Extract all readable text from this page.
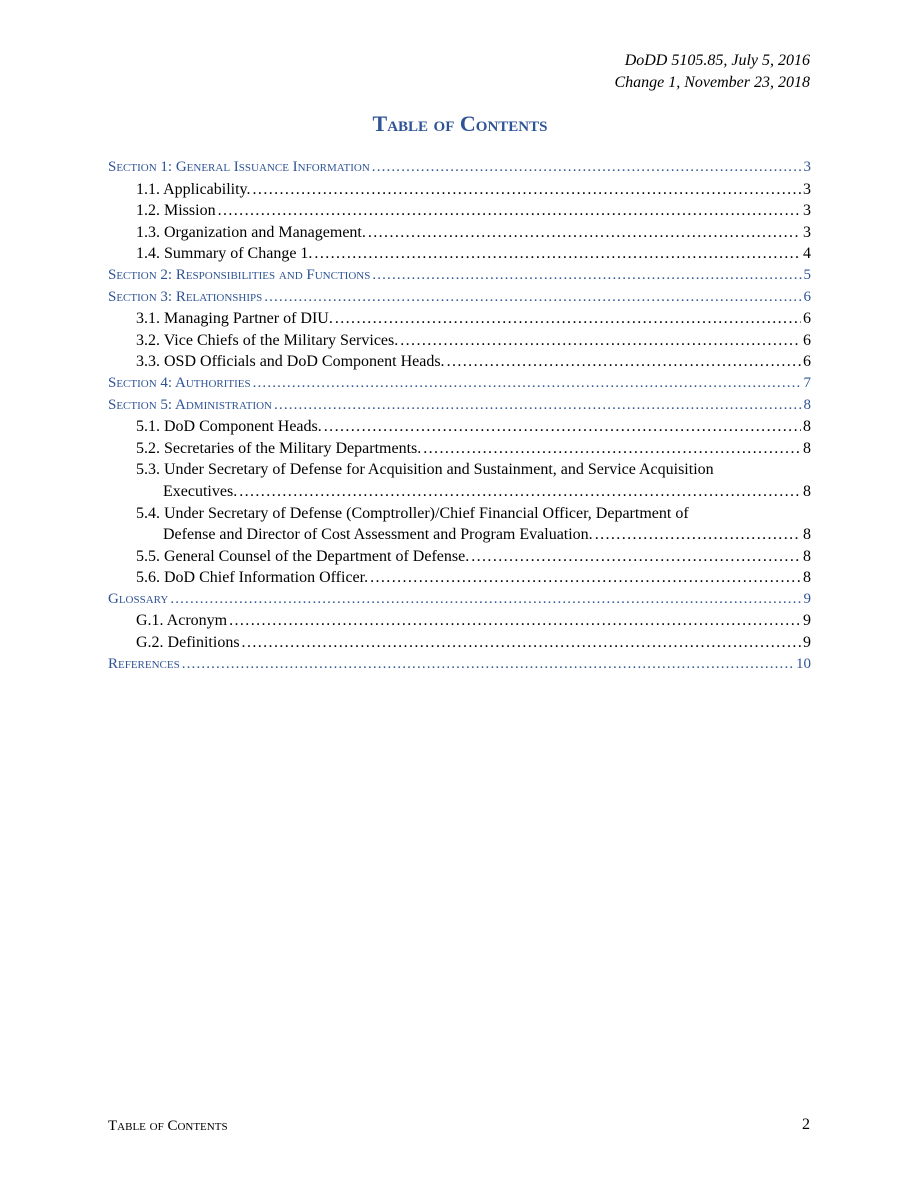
DoDD 5105.85, July 5, 2016
Change 1, November 23, 2018
Table of Contents
Section 1: General Issuance Information . . .	3
1.1. Applicability. . . .	3
1.2. Mission . . .	3
1.3. Organization and Management. . . .	3
1.4. Summary of Change 1. . . .	4
Section 2: Responsibilities and Functions . . .	5
Section 3: Relationships . . .	6
3.1. Managing Partner of DIU. . . .	6
3.2. Vice Chiefs of the Military Services. . . .	6
3.3. OSD Officials and DoD Component Heads. . . .	6
Section 4: Authorities . . .	7
Section 5: Administration . . .	8
5.1. DoD Component Heads. . . .	8
5.2. Secretaries of the Military Departments. . . .	8
5.3. Under Secretary of Defense for Acquisition and Sustainment, and Service Acquisition
Executives. . . .	8
5.4. Under Secretary of Defense (Comptroller)/Chief Financial Officer, Department of
Defense and Director of Cost Assessment and Program Evaluation. . . .	8
5.5. General Counsel of the Department of Defense. . . .	8
5.6. DoD Chief Information Officer. . . .	8
Glossary . . .	9
G.1. Acronym . . .	9
G.2. Definitions . . .	9
References . . .	10
Table of Contents	2
